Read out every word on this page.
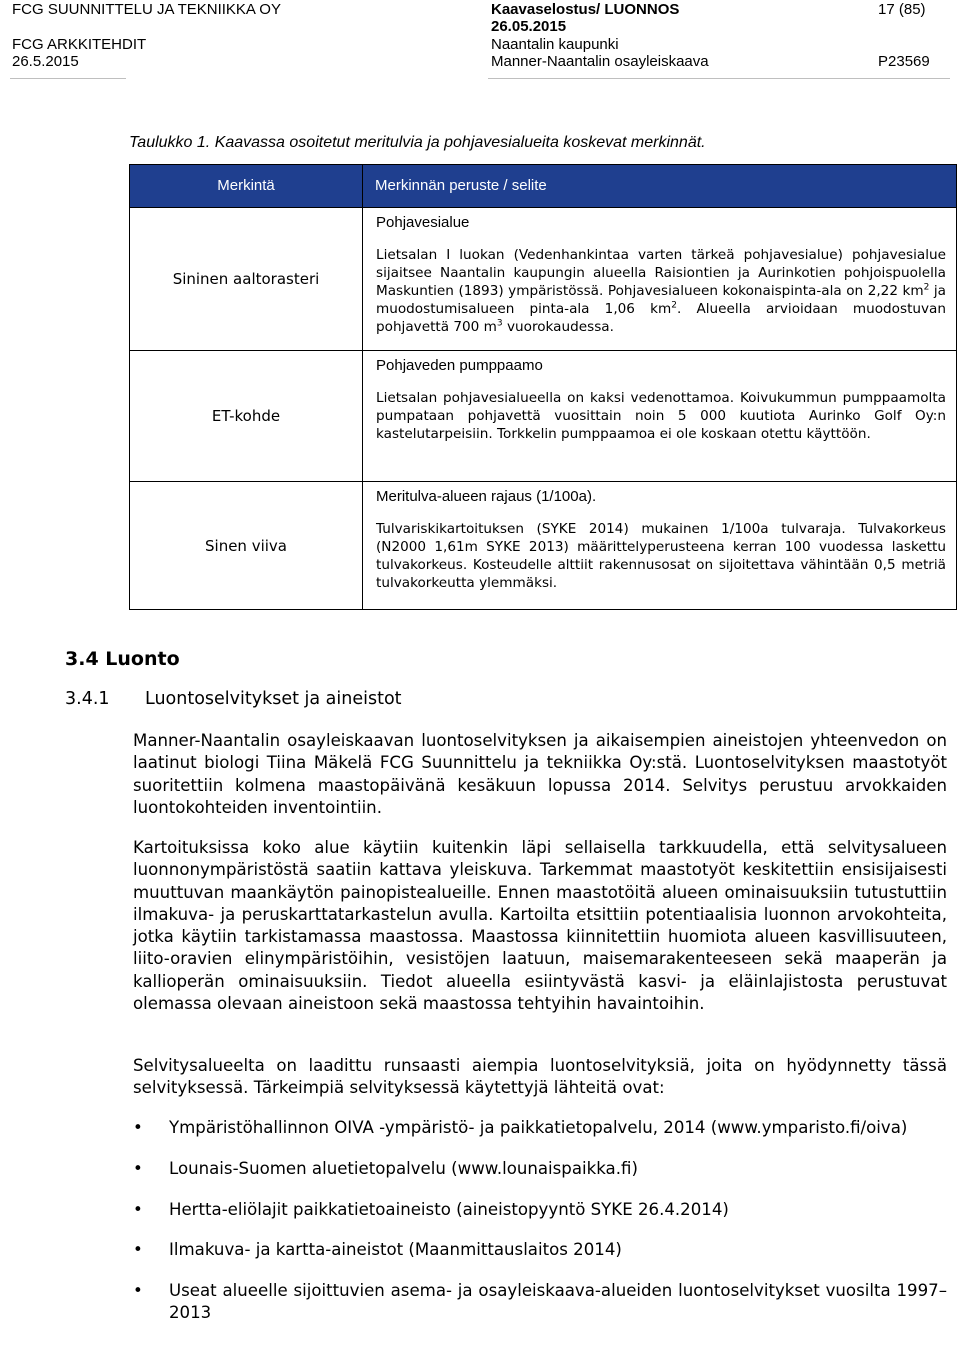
FCG SUUNNITTELU JA TEKNIIKKA OY
FCG ARKKITEHDIT
26.5.2015
Kaavaselostus/ LUONNOS
26.05.2015
Naantalin kaupunki
Manner-Naantalin osayleiskaava
17 (85)
P23569
Taulukko 1. Kaavassa osoitetut meritulvia ja pohjavesialueita koskevat merkinnät.
Merkintä	Merkinnän peruste / selite
Sininen aaltorasteri	Pohjavesialue
Lietsalan I luokan (Vedenhankintaa varten tärkeä pohjavesialue) pohjavesialue sijaitsee Naantalin kaupungin alueella Raisiontien ja Aurinkotien pohjoispuolella Maskuntien (1893) ympäristössä. Pohjavesialueen kokonaispinta-ala on 2,22 $km^2$ ja muodostumisalueen pinta-ala 1,06 $km^2$. Alueella arvioidaan muodostuvan pohjavettä 700 $m^3$ vuorokaudessa.

ET-kohde	Pohjaveden pumppaamo
Lietsalan pohjavesialueella on kaksi vedenottamoa. Koivukummun pumppaamolta pumpataan pohjavettä vuosittain noin 5 000 kuutiota Aurinko Golf Oy:n kastelutarpeisiin. Torkkelin pumppaamoa ei ole koskaan otettu käyttöön.

Sinen viiva	Meritulva-alueen rajaus (1/100a).
Tulvariskikartoituksen (SYKE 2014) mukainen 1/100a tulvaraja. Tulvakorkeus (N2000 1,61m SYKE 2013) määrittelyperusteena kerran 100 vuodessa laskettu tulvakorkeus. Kosteudelle alttiit rakennusosat on sijoitettava vähintään 0,5 metriä tulvakorkeutta ylemmäksi.
3.4 Luonto
3.4.1 Luontoselvitykset ja aineistot
Manner-Naantalin osayleiskaavan luontoselvityksen ja aikaisempien aineistojen yhteenvedon on laatinut biologi Tiina Mäkelä FCG Suunnittelu ja tekniikka Oy:stä. Luontoselvityksen maastotyöt suoritettiin kolmena maastopäivänä kesäkuun lopussa 2014. Selvitys perustuu arvokkaiden luontokohteiden inventointiin.
Kartoituksissa koko alue käytiin kuitenkin läpi sellaisella tarkkuudella, että selvitysalueen luonnonympäristöstä saatiin kattava yleiskuva. Tarkemmat maastotyöt keskitettiin ensisijaisesti muuttuvan maankäytön painopistealueille. Ennen maastotöitä alueen ominaisuuksiin tutustuttiin ilmakuva- ja peruskarttatarkastelun avulla. Kartoilta etsittiin potentiaalisia luonnon arvokohteita, jotka käytiin tarkistamassa maastossa. Maastossa kiinnitettiin huomiota alueen kasvillisuuteen, liito-oravien elinympäristöihin, vesistöjen laatuun, maisemarakenteeseen sekä maaperän ja kallioperän ominaisuuksiin. Tiedot alueella esiintyvästä kasvi- ja eläinlajistosta perustuvat olemassa olevaan aineistoon sekä maastossa tehtyihin havaintoihin.
Selvitysalueelta on laadittu runsaasti aiempia luontoselvityksiä, joita on hyödynnetty tässä selvityksessä. Tärkeimpiä selvityksessä käytettyjä lähteitä ovat:
• Ympäristöhallinnon OIVA -ympäristö- ja paikkatietopalvelu, 2014 (www.ymparisto.fi/oiva)
• Lounais-Suomen aluetietopalvelu (www.lounaispaikka.fi)
• Hertta-eliölajit paikkatietoaineisto (aineistopyyntö SYKE 26.4.2014)
• Ilmakuva- ja kartta-aineistot (Maanmittauslaitos 2014)
• Useat alueelle sijoittuvien asema- ja osayleiskaava-alueiden luontoselvitykset vuosilta 1997–2013
